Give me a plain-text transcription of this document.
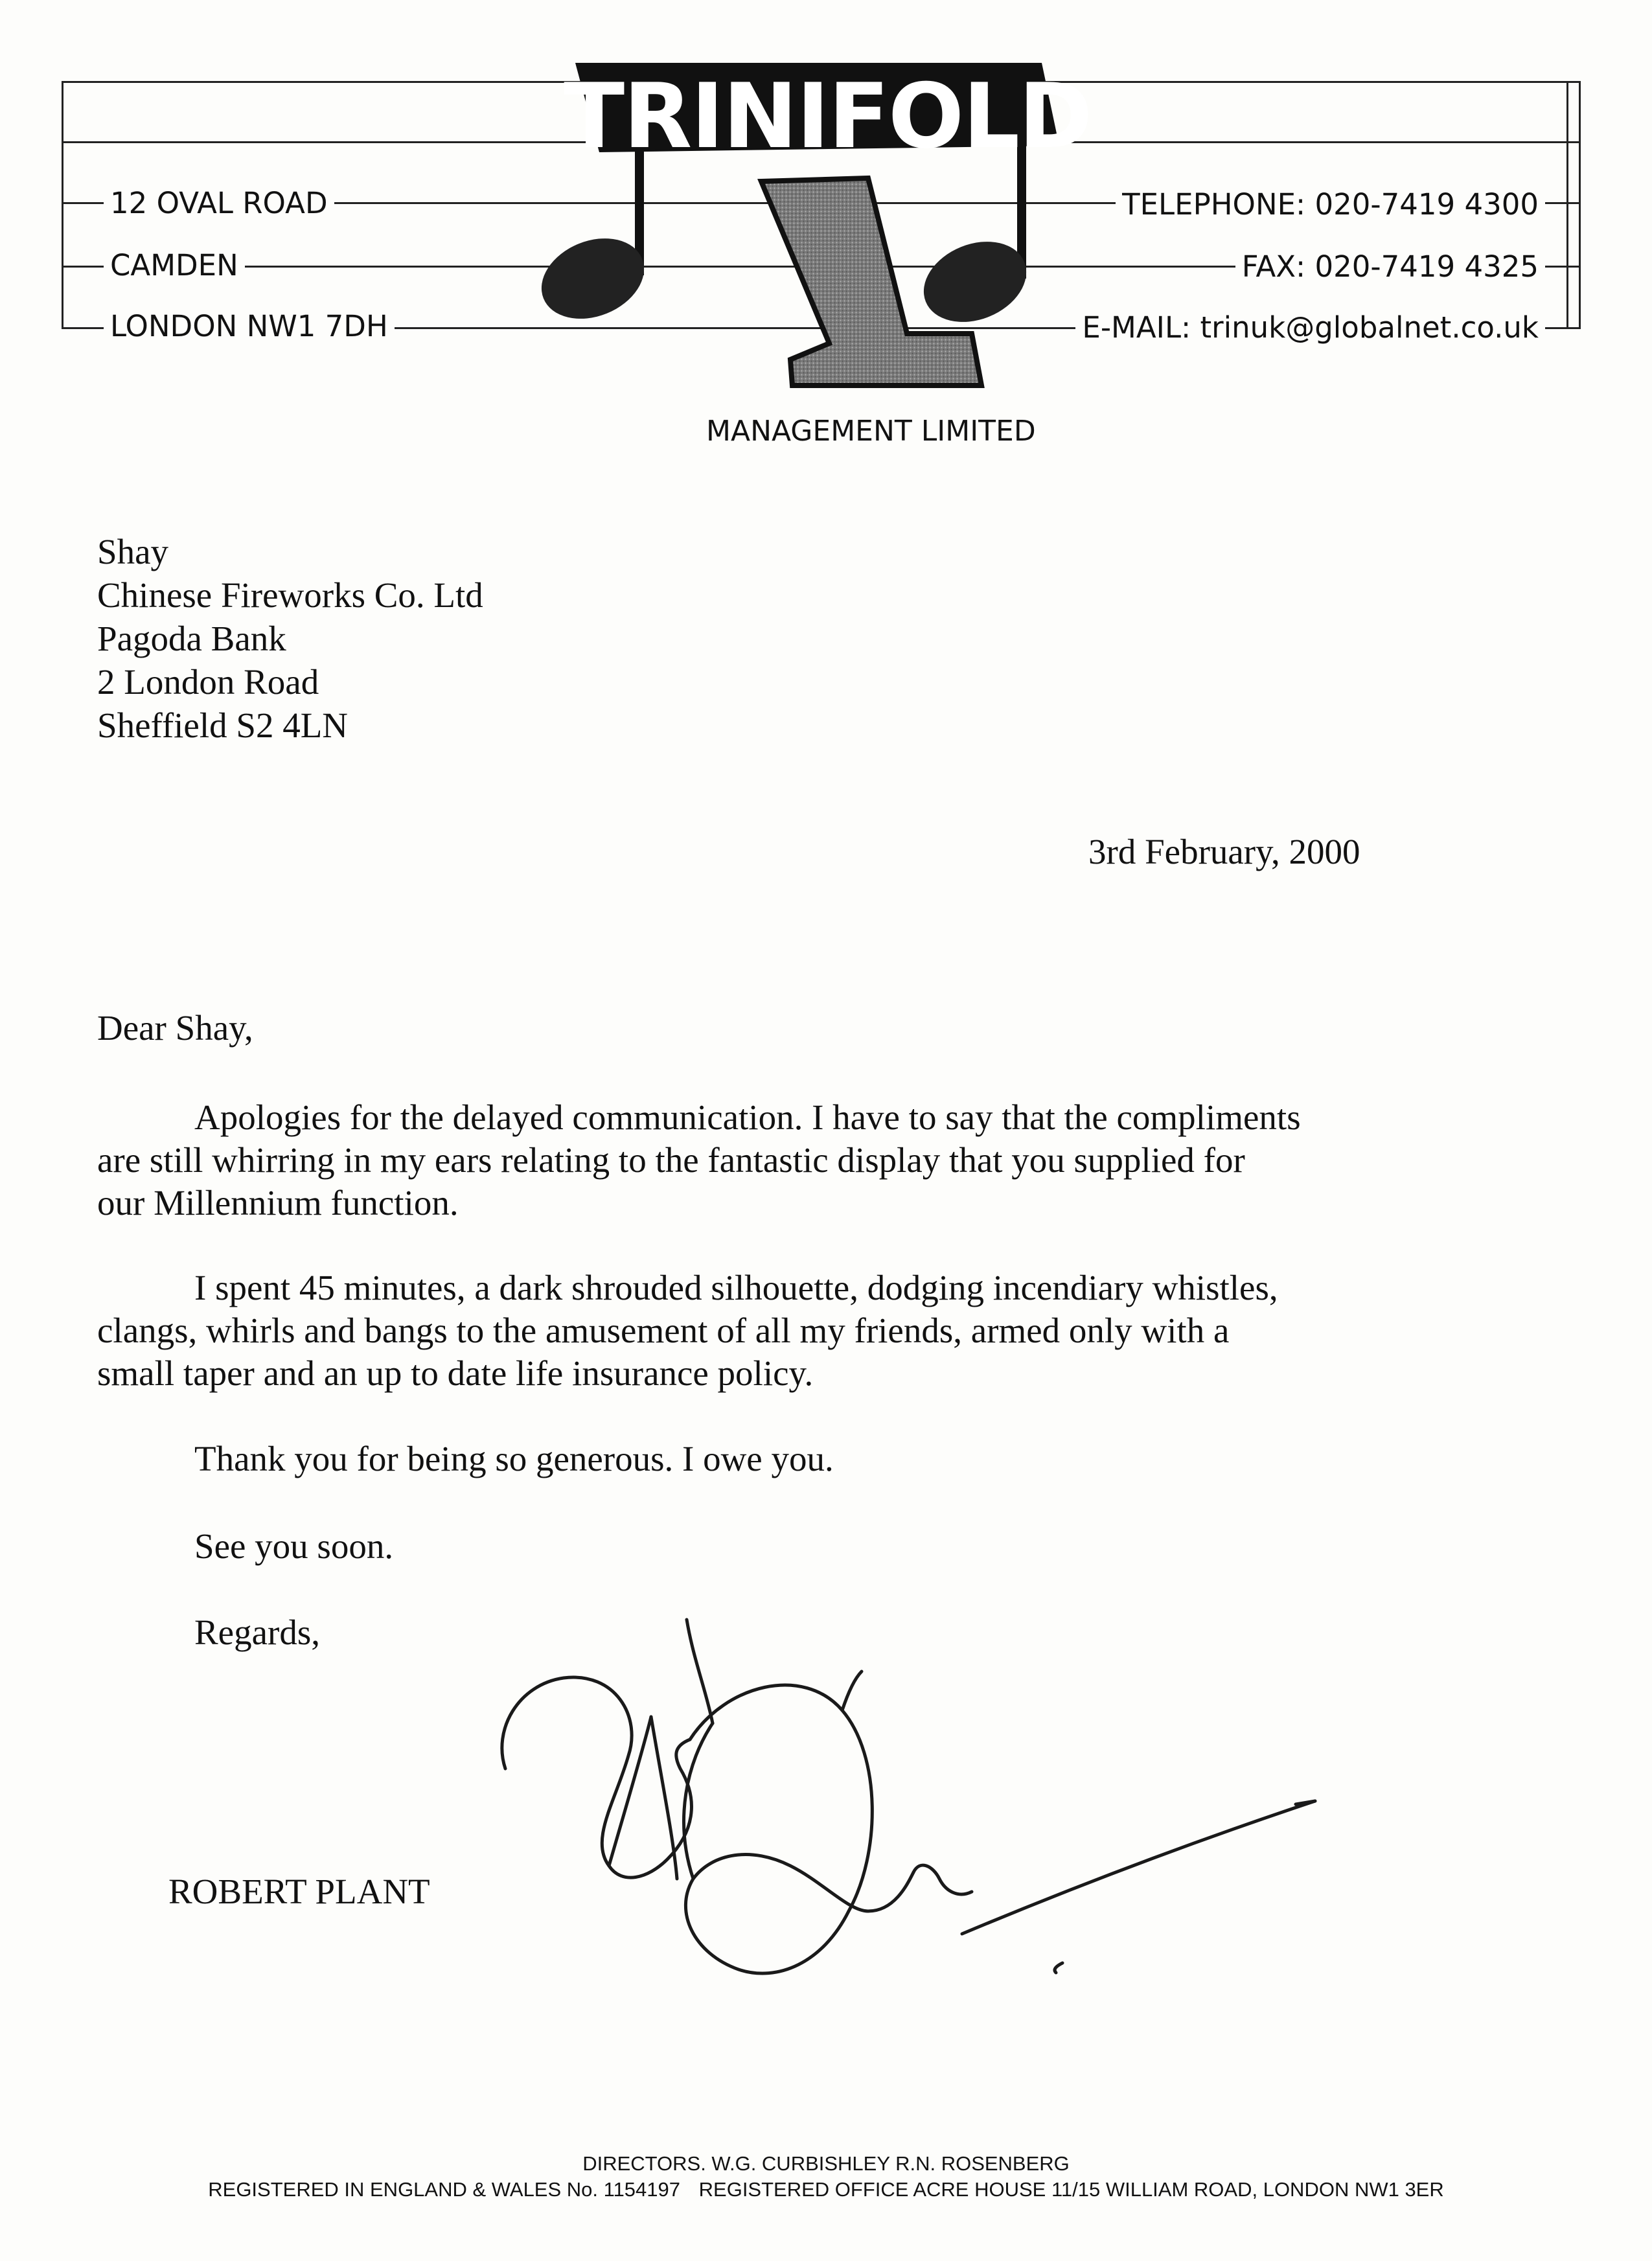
TRINIFOLD
12 OVAL ROAD
CAMDEN
LONDON NW1 7DH
TELEPHONE: 020-7419 4300
FAX: 020-7419 4325
E-MAIL: trinuk@globalnet.co.uk
MANAGEMENT LIMITED
Shay
Chinese Fireworks Co. Ltd
Pagoda Bank
2 London Road
Sheffield S2 4LN
3rd February, 2000
Dear Shay,
Apologies for the delayed communication. I have to say that the compliments
are still whirring in my ears relating to the fantastic display that you supplied for
our Millennium function.
I spent 45 minutes, a dark shrouded silhouette, dodging incendiary whistles,
clangs, whirls and bangs to the amusement of all my friends, armed only with a
small taper and an up to date life insurance policy.
Thank you for being so generous. I owe you.
See you soon.
Regards,
ROBERT PLANT
DIRECTORS. W.G. CURBISHLEY R.N. ROSENBERG
REGISTERED IN ENGLAND & WALES No. 1154197 REGISTERED OFFICE ACRE HOUSE 11/15 WILLIAM ROAD, LONDON NW1 3ER
